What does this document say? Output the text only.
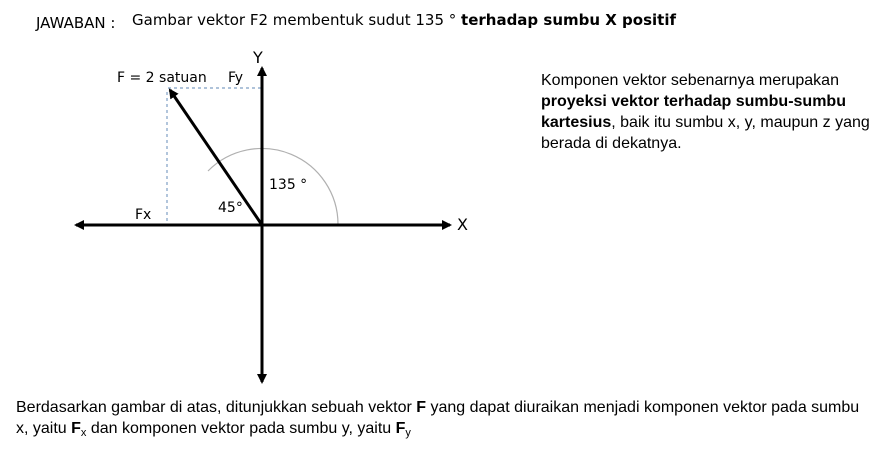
JAWABAN : Gambar vektor F2 membentuk sudut 135 ° terhadap sumbu X positif
Y
X
F = 2 satuan Fy
Fx
135 °
45°
Komponen vektor sebenarnya merupakan proyeksi vektor terhadap sumbu-sumbu kartesius, baik itu sumbu x, y, maupun z yang berada di dekatnya.
Berdasarkan gambar di atas, ditunjukkan sebuah vektor F yang dapat diuraikan menjadi komponen vektor pada sumbu x, yaitu $F_x$ dan komponen vektor pada sumbu y, yaitu $F_y$
